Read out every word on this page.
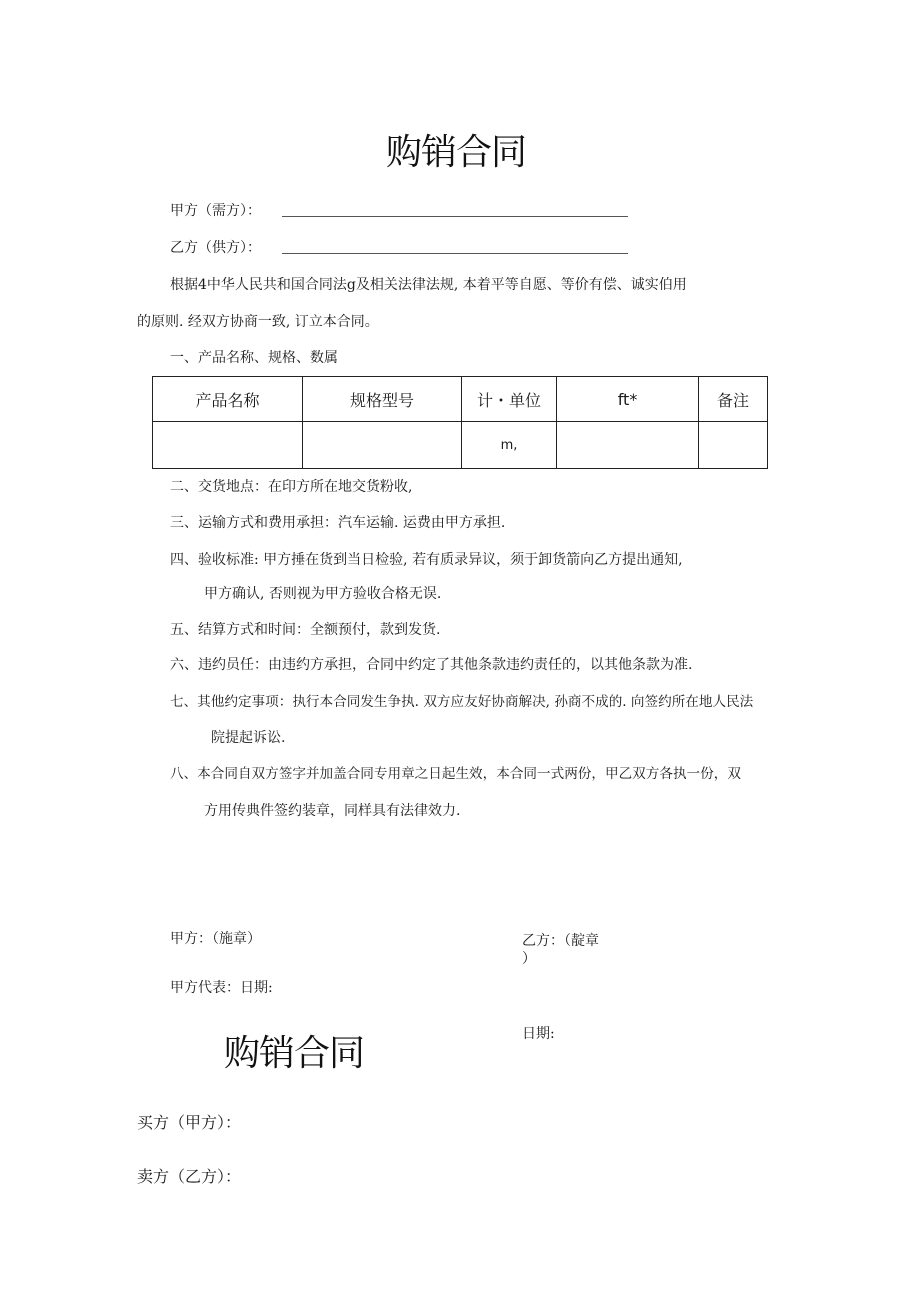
购销合同
甲方（需方）：
乙方（供方）：
根据4中华人民共和国合同法g及相关法律法规, 本着平等自愿、等价有偿、诚实伯用
的原则. 经双方协商一致, 订立本合同。
一、产品名称、规格、数属
产品名称	规格型号	计・单位	ft*	备注
		m,		
二、交货地点：在印方所在地交货粉收,
三、运输方式和费用承担：汽车运输. 运费由甲方承担.
四、验收标准: 甲方捶在货到当日检验, 若有质录异议，须于卸货箭向乙方提出通知,
甲方确认, 否则视为甲方验收合格无误.
五、结算方式和时间：全额预付，款到发货.
六、违约员任：由违约方承担，合同中约定了其他条款违约责任的，以其他条款为准.
七、其他约定事项：执行本合同发生争执. 双方应友好协商解决, 孙商不成的. 向签约所在地人民法
院提起诉讼.
八、本合同自双方签字并加盖合同专用章之日起生效，本合同一式两份，甲乙双方各执一份，双
方用传典件签约装章，同样具有法律效力.
甲方：（施章）	乙方：（靛章
）
甲方代表：日期:
日期:
购销合同
买方（甲方）：
卖方（乙方）：
